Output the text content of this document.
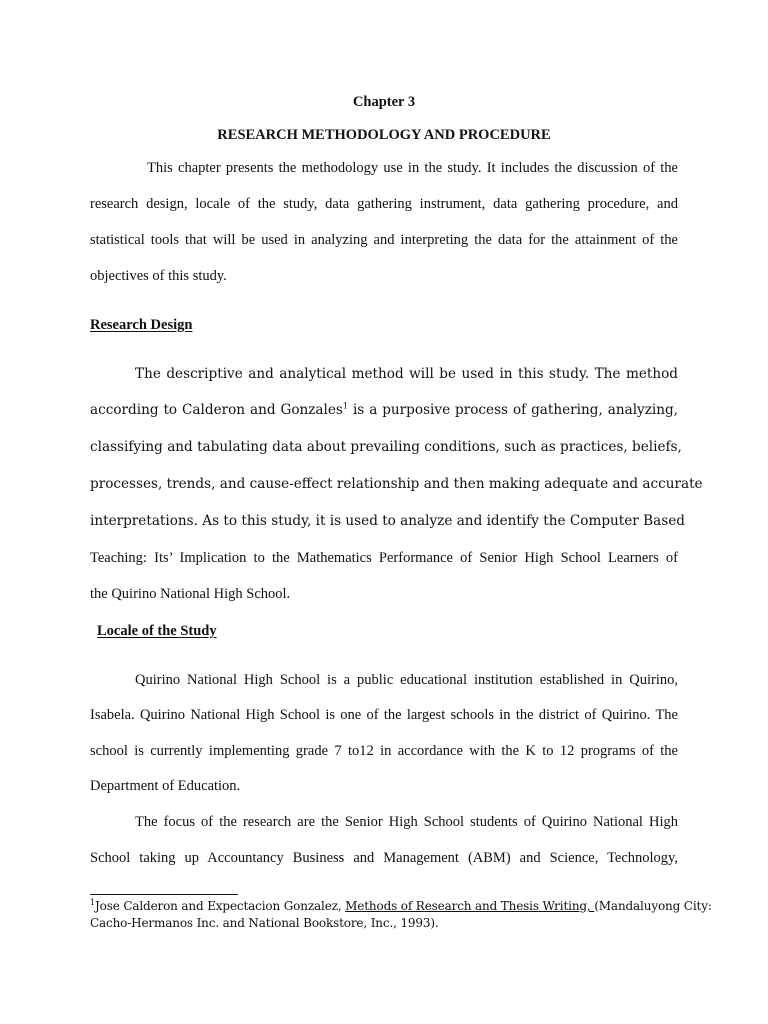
Chapter 3

RESEARCH METHODOLOGY AND PROCEDURE

This chapter presents the methodology use in the study. It includes the discussion of the
research design, locale of the study, data gathering instrument, data gathering procedure, and
statistical tools that will be used in analyzing and interpreting the data for the attainment of the
objectives of this study.
Research Design
The descriptive and analytical method will be used in this study. The method
according to Calderon and Gonzales$^1$ is a purposive process of gathering, analyzing,
classifying and tabulating data about prevailing conditions, such as practices, beliefs,
processes, trends, and cause-effect relationship and then making adequate and accurate
interpretations. As to this study, it is used to analyze and identify the Computer Based
Teaching: Its’ Implication to the Mathematics Performance of Senior High School Learners of
the Quirino National High School.
Locale of the Study
Quirino National High School is a public educational institution established in Quirino,
Isabela. Quirino National High School is one of the largest schools in the district of Quirino. The
school is currently implementing grade 7 to12 in accordance with the K to 12 programs of the
Department of Education.
The focus of the research are the Senior High School students of Quirino National High
School taking up Accountancy Business and Management (ABM) and Science, Technology,
$^1$Jose Calderon and Expectacion Gonzalez, Methods of Research and Thesis Writing, (Mandaluyong City:
Cacho-Hermanos Inc. and National Bookstore, Inc., 1993).
